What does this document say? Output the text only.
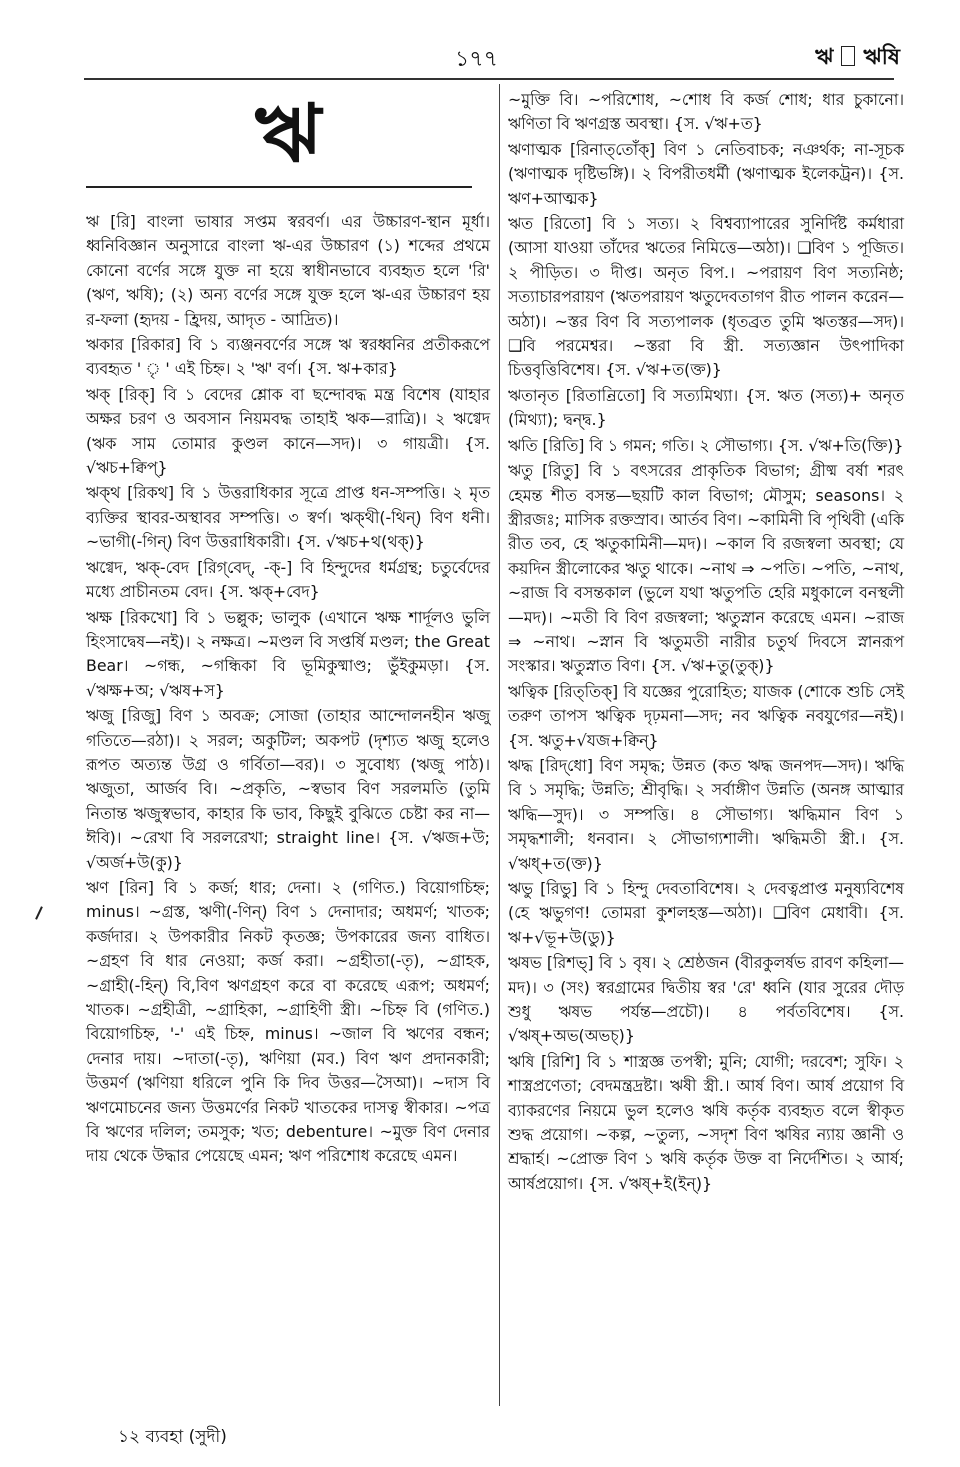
১৭৭	ঋ ঋষি
ঋ

ঋ [রি] বাংলা ভাষার সপ্তম স্বরবর্ণ। এর উচ্চারণ-স্থান মূর্ধা। ধ্বনিবিজ্ঞান অনুসারে বাংলা ঋ-এর উচ্চারণ (১) শব্দের প্রথমে কোনো বর্ণের সঙ্গে যুক্ত না হয়ে স্বাধীনভাবে ব্যবহৃত হলে 'রি' (ঋণ, ঋষি); (২) অন্য বর্ণের সঙ্গে যুক্ত হলে ঋ-এর উচ্চারণ হয় র-ফলা (হৃদয় - হ্রিদয়, আদৃত - আদ্রিত)।

ঋকার [রিকার] বি ১ ব্যঞ্জনবর্ণের সঙ্গে ঋ স্বরধ্বনির প্রতীকরূপে ব্যবহৃত ' ৃ ' এই চিহ্ন। ২ 'ঋ' বর্ণ। {স. ঋ+কার}

ঋক্ [রিক্] বি ১ বেদের শ্লোক বা ছন্দোবদ্ধ মন্ত্র বিশেষ (যাহার অক্ষর চরণ ও অবসান নিয়মবদ্ধ তাহাই ঋক—রাত্রি)। ২ ঋগ্বেদ (ঋক সাম তোমার কুণ্ডল কানে—সদ)। ৩ গায়ত্রী। {স. √ঋচ+ক্বিপ্}

ঋক্থ [রিকথ] বি ১ উত্তরাধিকার সূত্রে প্রাপ্ত ধন-সম্পত্তি। ২ মৃত ব্যক্তির স্থাবর-অস্থাবর সম্পত্তি। ৩ স্বর্ণ। ঋক্থী(-থিন্) বিণ ধনী। ~ভাগী(-গিন্) বিণ উত্তরাধিকারী। {স. √ঋচ+থ(থক্)}

ঋগ্বেদ, ঋক্-বেদ [রিগ্‌বেদ্, -ক্-] বি হিন্দুদের ধর্মগ্রন্থ; চতুর্বেদের মধ্যে প্রাচীনতম বেদ। {স. ঋক্+বেদ}

ঋক্ষ [রিকখো] বি ১ ভল্লুক; ভালুক (এখানে ঋক্ষ শার্দূলও ভুলি হিংসাদ্বেষ—নই)। ২ নক্ষত্র। ~মণ্ডল বি সপ্তর্ষি মণ্ডল; the Great Bear। ~গন্ধ, ~গন্ধিকা বি ভূমিকুষ্মাণ্ড; ভুঁইকুমড়া। {স. √ঋক্ষ+অ; √ঋষ+স}

ঋজু [রিজু] বিণ ১ অবক্র; সোজা (তাহার আন্দোলনহীন ঋজু গতিতে—রঠা)। ২ সরল; অকুটিল; অকপট (দৃশ্যত ঋজু হলেও রূপত অত্যন্ত উগ্র ও গর্বিতা—বর)। ৩ সুবোধ্য (ঋজু পাঠ)। ঋজুতা, আর্জব বি। ~প্রকৃতি, ~স্বভাব বিণ সরলমতি (তুমি নিতান্ত ঋজুস্বভাব, কাহার কি ভাব, কিছুই বুঝিতে চেষ্টা কর না—ঈবি)। ~রেখা বি সরলরেখা; straight line। {স. √ঋজ+উ; √অর্জ+উ(কু)}

ঋণ [রিন] বি ১ কর্জ; ধার; দেনা। ২ (গণিত.) বিয়োগচিহ্ন; minus। ~গ্রস্ত, ঋণী(-ণিন্) বিণ ১ দেনাদার; অধমর্ণ; খাতক; কর্জদার। ২ উপকারীর নিকট কৃতজ্ঞ; উপকারের জন্য বাধিত। ~গ্রহণ বি ধার নেওয়া; কর্জ করা। ~গ্রহীতা(-তৃ), ~গ্রাহক, ~গ্রাহী(-হিন্) বি,বিণ ঋণগ্রহণ করে বা করেছে এরূপ; অধমর্ণ; খাতক। ~গ্রহীত্রী, ~গ্রাহিকা, ~গ্রাহিণী স্ত্রী। ~চিহ্ন বি (গণিত.) বিয়োগচিহ্ন, '-' এই চিহ্ন, minus। ~জাল বি ঋণের বন্ধন; দেনার দায়। ~দাতা(-তৃ), ঋণিয়া (মব.) বিণ ঋণ প্রদানকারী; উত্তমর্ণ (ঋণিয়া ধরিলে পুনি কি দিব উত্তর—সৈআ)। ~দাস বি ঋণমোচনের জন্য উত্তমর্ণের নিকট খাতকের দাসত্ব স্বীকার। ~পত্র বি ঋণের দলিল; তমসুক; খত; debenture। ~মুক্ত বিণ দেনার দায় থেকে উদ্ধার পেয়েছে এমন; ঋণ পরিশোধ করেছে এমন।

~মুক্তি বি। ~পরিশোধ, ~শোধ বি কর্জ শোধ; ধার চুকানো। ঋণিতা বি ঋণগ্রস্ত অবস্থা। {স. √ঋ+ত}

ঋণাত্মক [রিনাত্‌তোঁক্] বিণ ১ নেতিবাচক; নঞর্থক; না-সূচক (ঋণাত্মক দৃষ্টিভঙ্গি)। ২ বিপরীতধর্মী (ঋণাত্মক ইলেকট্রন)। {স. ঋণ+আত্মক}

ঋত [রিতো] বি ১ সত্য। ২ বিশ্বব্যাপারের সুনির্দিষ্ট কর্মধারা (আসা যাওয়া তাঁদের ঋতের নিমিত্তে—অঠা)। ❑বিণ ১ পূজিত। ২ পীড়িত। ৩ দীপ্ত। অনৃত বিপ.। ~পরায়ণ বিণ সত্যনিষ্ঠ; সত্যাচারপরায়ণ (ঋতপরায়ণ ঋতুদেবতাগণ রীত পালন করেন—অঠা)। ~স্তর বিণ বি সত্যপালক (ধৃতব্রত তুমি ঋতস্তর—সদ)। ❑বি পরমেশ্বর। ~স্তরা বি স্ত্রী. সত্যজ্ঞান উৎপাদিকা চিত্তবৃত্তিবিশেষ। {স. √ঋ+ত(ক্ত)}

ঋতানৃত [রিতান্রিতো] বি সত্যমিথ্যা। {স. ঋত (সত্য)+ অনৃত (মিথ্যা); দ্বন্দ্ব.}

ঋতি [রিতি] বি ১ গমন; গতি। ২ সৌভাগ্য। {স. √ঋ+তি(ক্তি)}

ঋতু [রিতু] বি ১ বৎসরের প্রাকৃতিক বিভাগ; গ্রীষ্ম বর্ষা শরৎ হেমন্ত শীত বসন্ত—ছয়টি কাল বিভাগ; মৌসুম; seasons। ২ স্ত্রীরজঃ; মাসিক রক্তস্রাব। আর্তব বিণ। ~কামিনী বি পৃথিবী (একি রীত তব, হে ঋতুকামিনী—মদ)। ~কাল বি রজস্বলা অবস্থা; যে কয়দিন স্ত্রীলোকের ঋতু থাকে। ~নাথ ⇒ ~পতি। ~পতি, ~নাথ, ~রাজ বি বসন্তকাল (ভুলে যথা ঋতুপতি হেরি মধুকালে বনস্থলী—মদ)। ~মতী বি বিণ রজস্বলা; ঋতুস্নান করেছে এমন। ~রাজ ⇒ ~নাথ। ~স্নান বি ঋতুমতী নারীর চতুর্থ দিবসে স্নানরূপ সংস্কার। ঋতুস্নাত বিণ। {স. √ঋ+তু(তুক্)}

ঋত্বিক [রিত্‌তিক্] বি যজ্ঞের পুরোহিত; যাজক (শোকে শুচি সেই তরুণ তাপস ঋত্বিক দৃঢ়মনা—সদ; নব ঋত্বিক নবযুগের—নই)। {স. ঋতু+√যজ+ক্বিন্}

ঋদ্ধ [রিদ্‌ধো] বিণ সমৃদ্ধ; উন্নত (কত ঋদ্ধ জনপদ—সদ)। ঋদ্ধি বি ১ সমৃদ্ধি; উন্নতি; শ্রীবৃদ্ধি। ২ সর্বাঙ্গীণ উন্নতি (অনঙ্গ আত্মার ঋদ্ধি—সুদ)। ৩ সম্পত্তি। ৪ সৌভাগ্য। ঋদ্ধিমান বিণ ১ সমৃদ্ধশালী; ধনবান। ২ সৌভাগ্যশালী। ঋদ্ধিমতী স্ত্রী.। {স. √ঋধ্+ত(ক্ত)}

ঋভু [রিভু] বি ১ হিন্দু দেবতাবিশেষ। ২ দেবত্বপ্রাপ্ত মনুষ্যবিশেষ (হে ঋভুগণ! তোমরা কুশলহস্ত—অঠা)। ❑বিণ মেধাবী। {স. ঋ+√ভূ+উ(ডু)}

ঋষভ [রিশভ্] বি ১ বৃষ। ২ শ্রেষ্ঠজন (বীরকুলর্ষভ রাবণ কহিলা—মদ)। ৩ (সং) স্বরগ্রামের দ্বিতীয় স্বর 'রে' ধ্বনি (যার সুরের দৌড় শুধু ঋষভ পর্যন্ত—প্রচৌ)। ৪ পর্বতবিশেষ। {স. √ঋষ্+অভ(অভচ্)}

ঋষি [রিশি] বি ১ শাস্ত্রজ্ঞ তপস্বী; মুনি; যোগী; দরবেশ; সুফি। ২ শাস্ত্রপ্রণেতা; বেদমন্ত্রদ্রষ্টা। ঋষী স্ত্রী.। আর্ষ বিণ। আর্ষ প্রয়োগ বি ব্যাকরণের নিয়মে ভুল হলেও ঋষি কর্তৃক ব্যবহৃত বলে স্বীকৃত শুদ্ধ প্রয়োগ। ~কল্প, ~তুল্য, ~সদৃশ বিণ ঋষির ন্যায় জ্ঞানী ও শ্রদ্ধার্হ। ~প্রোক্ত বিণ ১ ঋষি কর্তৃক উক্ত বা নির্দেশিত। ২ আর্ষ; আর্ষপ্রয়োগ। {স. √ঋষ্+ই(ইন্)}

১২ ব্যবহা (সুদী)
